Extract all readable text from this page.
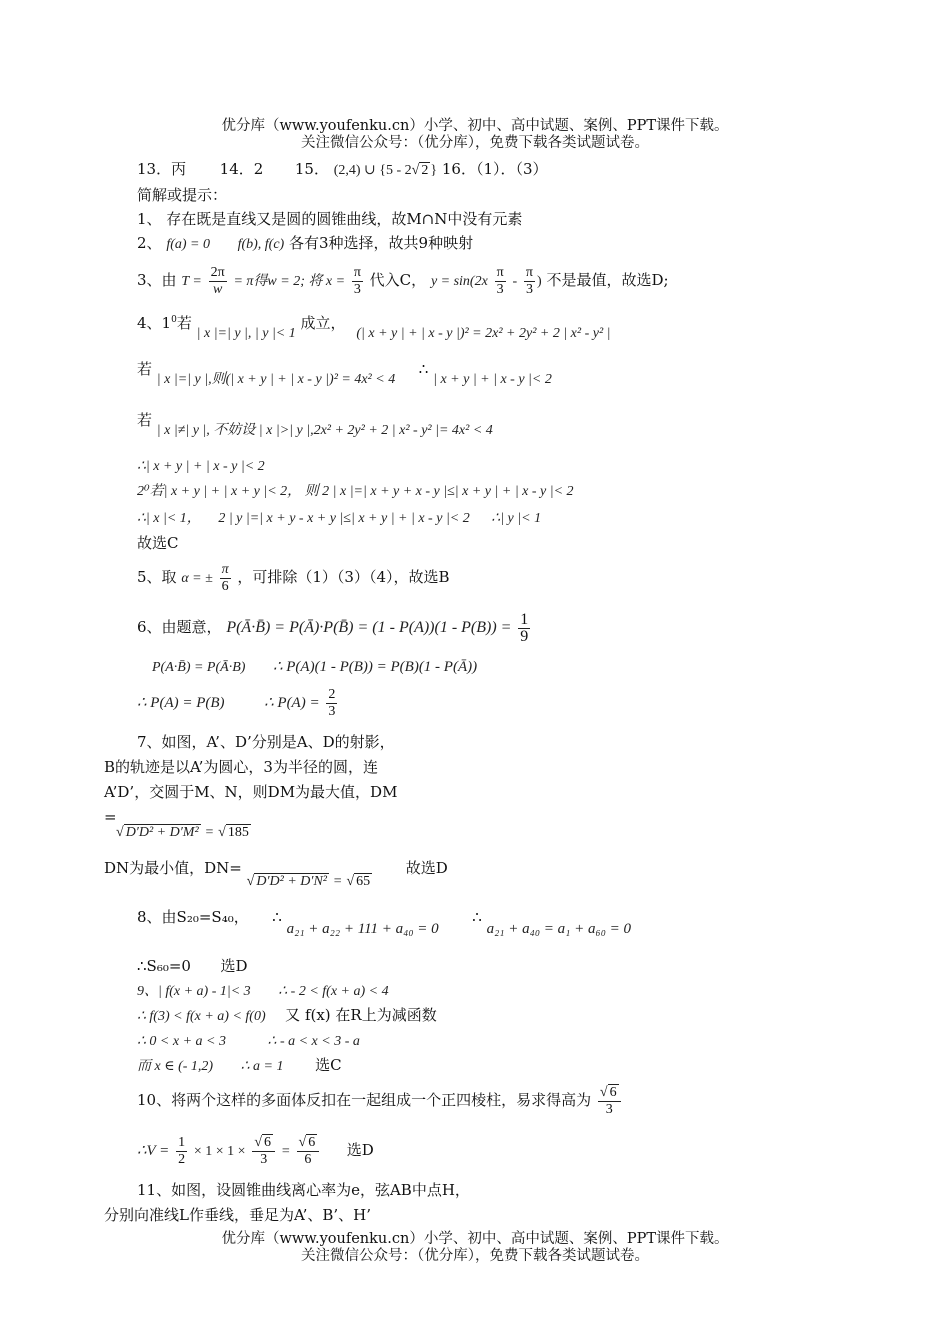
优分库（www.youfenku.cn）小学、初中、高中试题、案例、PPT课件下载。
关注微信公众号：（优分库），免费下载各类试题试卷。
13．丙 14．2 15． (2,4) ∪ {5 - 2√ 2 } 16．（1）．（3）
简解或提示：
1、 存在既是直线又是圆的圆锥曲线，故M∩N中没有元素
2、 f(a) = 0 f(b), f(c) 各有3种选择，故共9种映射
3、由 $T = \frac{2\pi}{w} = \pi$得w = 2; 将 $x = \frac{\pi}{3}$ 代入C， $y = \sin(2x \frac{\pi}{3} - \frac{\pi}{3}$ ) 不是最值，故选D;
4、$1^0$若 | x |=| y |, | y |< 1 成立， (| x + y | + | x - y |)² = 2x² + 2y² + 2 | x² - y² |
若 | x |=| y |,则(| x + y | + | x - y |)² = 4x² < 4  ∴ | x + y | + | x - y |< 2
若 | x |≠| y |, 不妨设 | x |>| y |,2x² + 2y² + 2 | x² - y² |= 4x² < 4
∴| x + y | + | x - y |< 2
2⁰若| x + y | + | x + y |< 2， 则 2 | x |=| x + y + x - y |≤| x + y | + | x - y |< 2
∴| x |< 1， 2 | y |=| x + y - x + y |≤| x + y | + | x - y |< 2 ∴| y |< 1
故选C
5、取 α = ± $\frac{\pi}{6}$ ，可排除（1）（3）（4），故选B
6、由题意， P(Ā·B̄) = P(Ā)·P(B̄) = $(1 - P(A))(1 - P(B)) = \frac{1}{9}$
P(A·B̄) = P(Ā·B) ∴ P(A)(1 - P(B)) = P(B)(1 - P(Ā))
∴ P(A) = P(B)	∴ $P(A) = \frac{2}{3}$
7、如图，A’、D’分别是A、D的射影，
B的轨迹是以A’为圆心，3为半径的圆，连
A’D’，交圆于M、N，则DM为最大值，DM
=
√ D′D² + D′M² = √ 185
DN为最小值，DN= √ D′D² + D′N² = √ 65  故选D
8、由S₂₀=S₄₀， ∴ a₂₁ + a₂₂ + 111 + a₄₀ = 0  ∴ a₂₁ + a₄₀ = a₁ + a₆₀ = 0
∴S₆₀=0 选D
9、| f(x + a) - 1|< 3 ∴ - 2 < f(x + a) < 4
∴ f(3) < f(x + a) < f(0) 又 f(x) 在R上为减函数
∴ 0 < x + a < 3	∴ - a < x < 3 - a
而 x ∈ (- 1,2) ∴ a = 1 选C
10、将两个这样的多面体反扣在一起组成一个正四棱柱，易求得高为 $\frac{√ 6}{3}$
∴V = $\frac{1}{2} \times 1 \times 1 \times \frac{√ 6}{3} = \frac{√ 6}{6}$ 选D
11、如图，设圆锥曲线离心率为e，弦AB中点H，
分别向准线L作垂线，垂足为A’、B’、H’
优分库（www.youfenku.cn）小学、初中、高中试题、案例、PPT课件下载。
关注微信公众号：（优分库），免费下载各类试题试卷。
